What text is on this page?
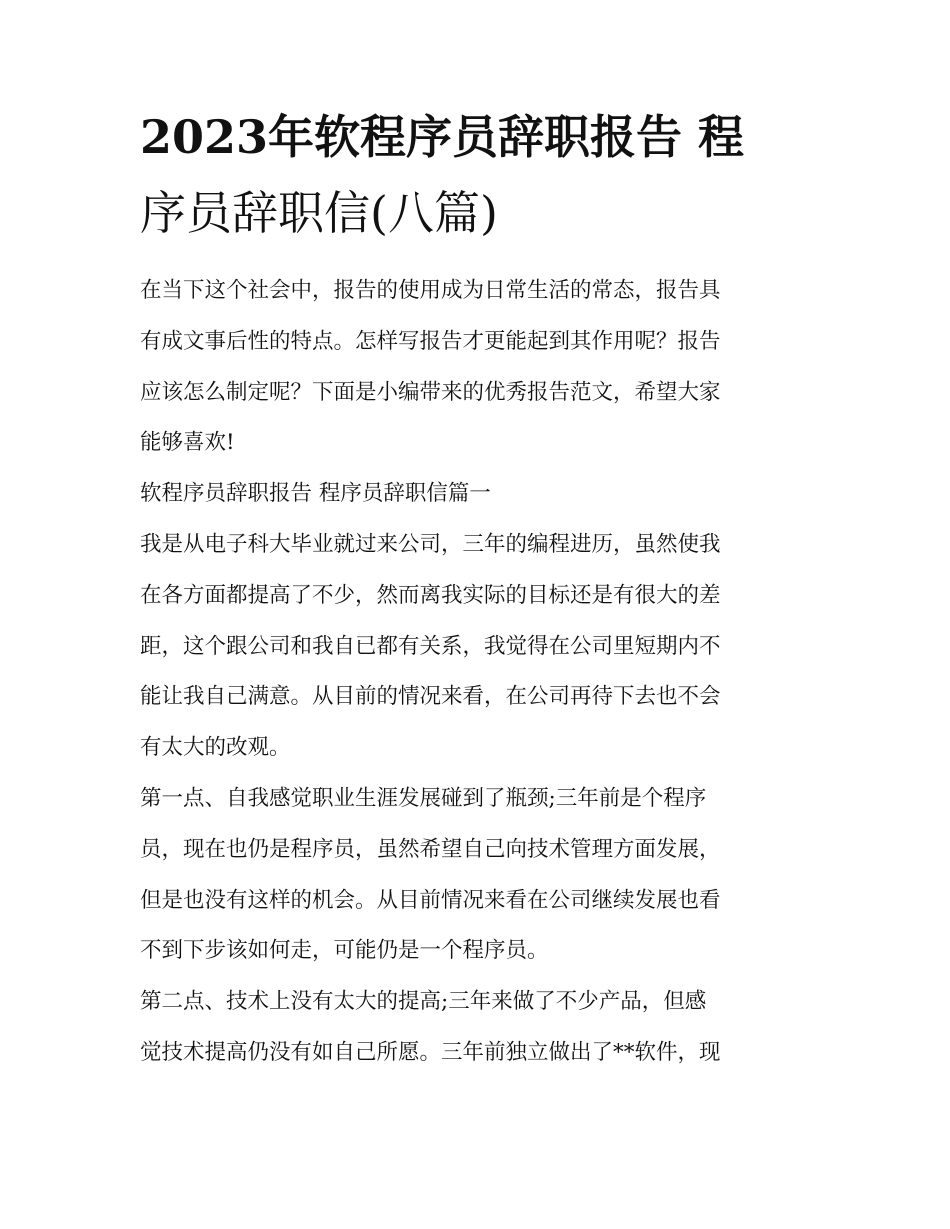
2023年软程序员辞职报告 程
序员辞职信(八篇)
在当下这个社会中，报告的使用成为日常生活的常态，报告具
有成文事后性的特点。怎样写报告才更能起到其作用呢？报告
应该怎么制定呢？下面是小编带来的优秀报告范文，希望大家
能够喜欢!
软程序员辞职报告 程序员辞职信篇一
我是从电子科大毕业就过来公司，三年的编程进历，虽然使我
在各方面都提高了不少，然而离我实际的目标还是有很大的差
距，这个跟公司和我自已都有关系，我觉得在公司里短期内不
能让我自己满意。从目前的情况来看，在公司再待下去也不会
有太大的改观。
第一点、自我感觉职业生涯发展碰到了瓶颈;三年前是个程序
员，现在也仍是程序员，虽然希望自己向技术管理方面发展，
但是也没有这样的机会。从目前情况来看在公司继续发展也看
不到下步该如何走，可能仍是一个程序员。
第二点、技术上没有太大的提高;三年来做了不少产品，但感
觉技术提高仍没有如自己所愿。三年前独立做出了**软件，现
